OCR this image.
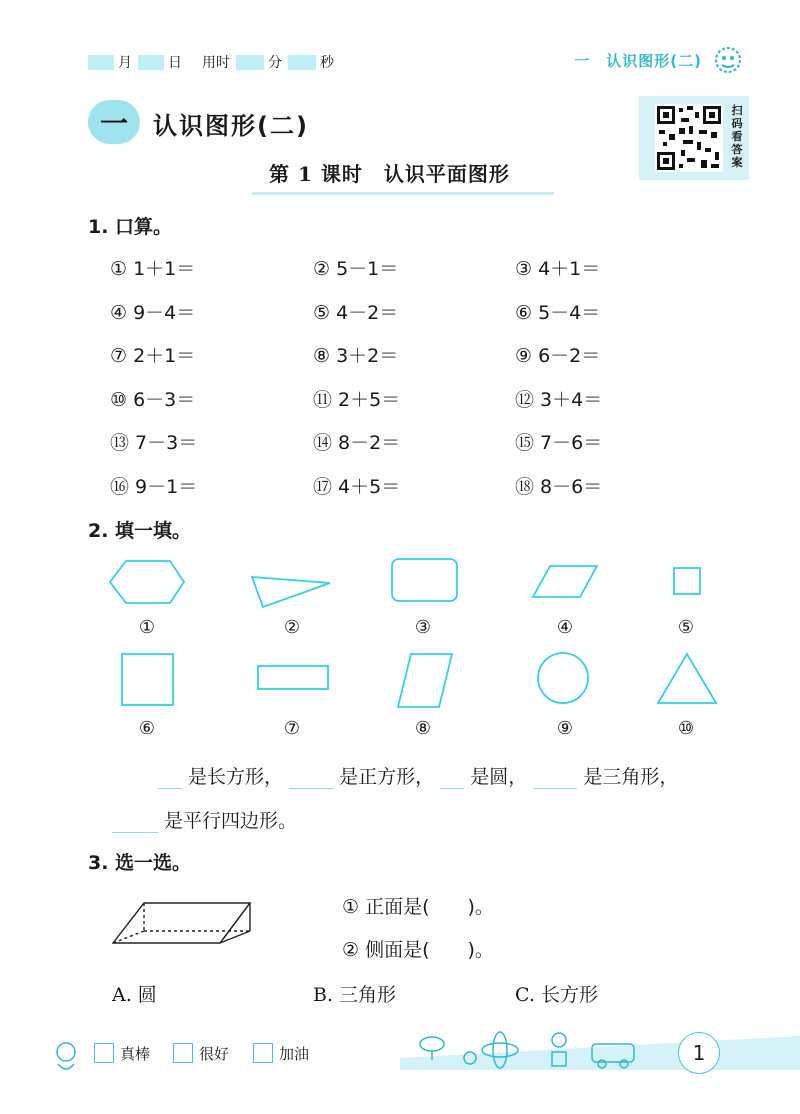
月	日 用时	分	秒	一　认识图形(二)
一	认识图形(二)
扫码看答案
第 1 课时　认识平面图形
1. 口算。
① 1＋1＝	② 5－1＝	③ 4＋1＝
④ 9－4＝	⑤ 4－2＝	⑥ 5－4＝
⑦ 2＋1＝	⑧ 3＋2＝	⑨ 6－2＝
⑩ 6－3＝	⑪ 2＋5＝	⑫ 3＋4＝
⑬ 7－3＝	⑭ 8－2＝	⑮ 7－6＝
⑯ 9－1＝	⑰ 4＋5＝	⑱ 8－6＝
2. 填一填。
①	②	③	④	⑤
⑥	⑦	⑧	⑨	⑩
是长方形，	是正方形， 是圆，	是三角形，
是平行四边形。
3. 选一选。
① 正面是(　　)。
② 侧面是(　　)。
A. 圆	B. 三角形	C. 长方形
真棒	很好	加油	1
